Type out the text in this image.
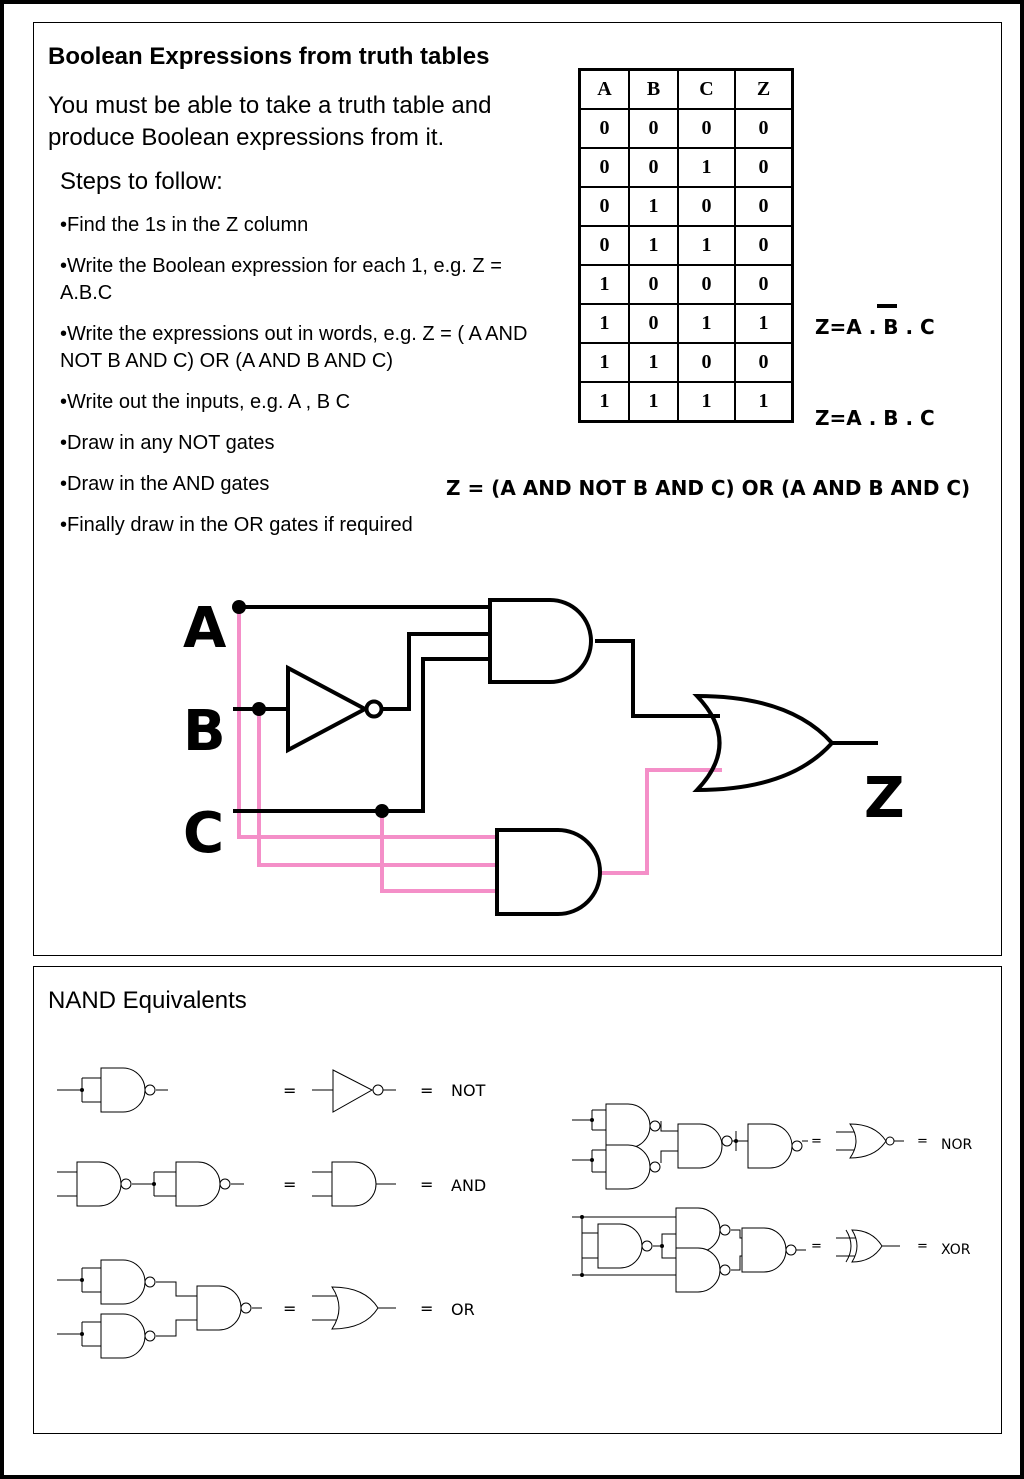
Boolean Expressions from truth tables
You must be able to take a truth table and produce Boolean expressions from it.
Steps to follow:
•Find the 1s in the Z column
•Write the Boolean expression for each 1, e.g. Z = A.B.C
•Write the expressions out in words, e.g. Z = ( A AND NOT B AND C) OR (A AND B AND C)
•Write out the inputs, e.g. A , B C
•Draw in any NOT gates
•Draw in the AND gates
•Finally draw in the OR gates if required
A	B	C	Z
0	0	0	0
0	0	1	0
0	1	0	0
0	1	1	0
1	0	0	0
1	0	1	1
1	1	0	0
1	1	1	1
Z=A . B . C
Z=A . B . C
Z = (A AND NOT B AND C) OR (A AND B AND C)
A
B
C
Z
NAND Equivalents
=	= NOT
=	= AND
=	= OR
=	= NOR
=	= XOR
